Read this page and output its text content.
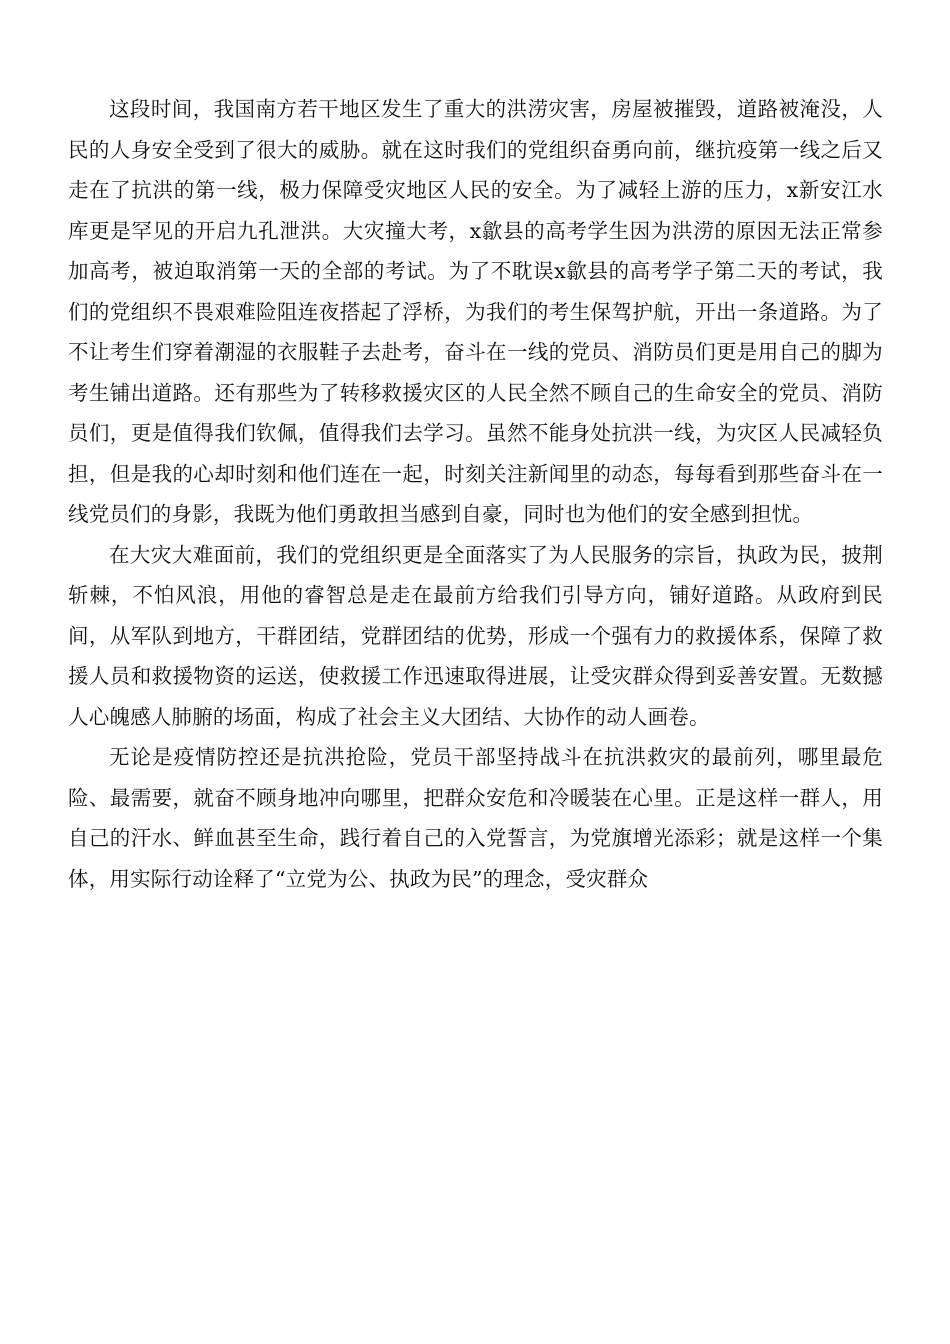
这段时间，我国南方若干地区发生了重大的洪涝灾害，房屋被摧毁，道路被淹没，人民的人身安全受到了很大的威胁。就在这时我们的党组织奋勇向前，继抗疫第一线之后又走在了抗洪的第一线，极力保障受灾地区人民的安全。为了减轻上游的压力，x新安江水库更是罕见的开启九孔泄洪。大灾撞大考，x歙县的高考学生因为洪涝的原因无法正常参加高考，被迫取消第一天的全部的考试。为了不耽误x歙县的高考学子第二天的考试，我们的党组织不畏艰难险阻连夜搭起了浮桥，为我们的考生保驾护航，开出一条道路。为了不让考生们穿着潮湿的衣服鞋子去赴考，奋斗在一线的党员、消防员们更是用自己的脚为考生铺出道路。还有那些为了转移救援灾区的人民全然不顾自己的生命安全的党员、消防员们，更是值得我们钦佩，值得我们去学习。虽然不能身处抗洪一线，为灾区人民减轻负担，但是我的心却时刻和他们连在一起，时刻关注新闻里的动态，每每看到那些奋斗在一线党员们的身影，我既为他们勇敢担当感到自豪，同时也为他们的安全感到担忧。

在大灾大难面前，我们的党组织更是全面落实了为人民服务的宗旨，执政为民，披荆斩棘，不怕风浪，用他的睿智总是走在最前方给我们引导方向，铺好道路。从政府到民间，从军队到地方，干群团结，党群团结的优势，形成一个强有力的救援体系，保障了救援人员和救援物资的运送，使救援工作迅速取得进展，让受灾群众得到妥善安置。无数撼人心魄感人肺腑的场面，构成了社会主义大团结、大协作的动人画卷。

无论是疫情防控还是抗洪抢险，党员干部坚持战斗在抗洪救灾的最前列，哪里最危险、最需要，就奋不顾身地冲向哪里，把群众安危和冷暖装在心里。正是这样一群人，用自己的汗水、鲜血甚至生命，践行着自己的入党誓言，为党旗增光添彩；就是这样一个集体，用实际行动诠释了“立党为公、执政为民”的理念，受灾群众
